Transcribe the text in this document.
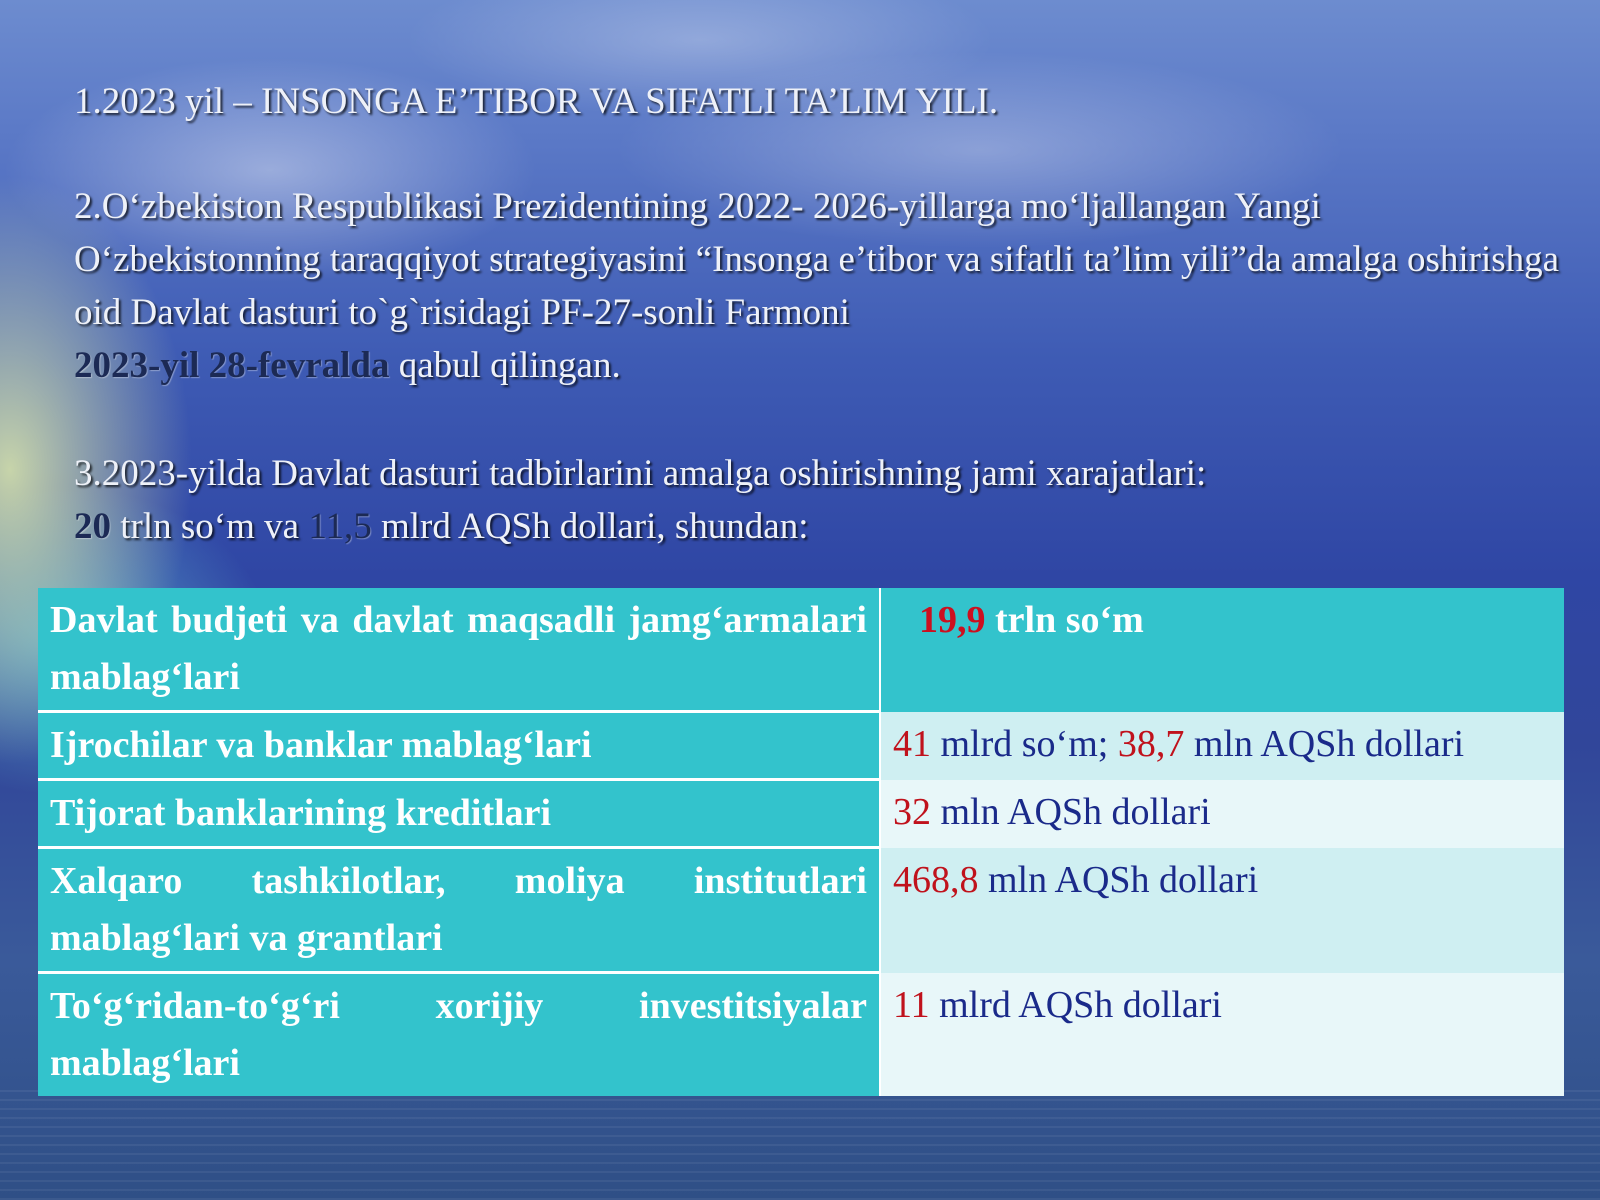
1.2023 yil – INSONGA E’TIBOR VA SIFATLI TA’LIM YILI.
2.O‘zbekiston Respublikasi Prezidentining 2022- 2026-yillarga mo‘ljallangan Yangi O‘zbekistonning taraqqiyot strategiyasini “Insonga e’tibor va sifatli ta’lim yili”da amalga oshirishga oid Davlat dasturi to`g`risidagi PF-27-sonli Farmoni
2023-yil 28-fevralda qabul qilingan.
3.2023-yilda Davlat dasturi tadbirlarini amalga oshirishning jami xarajatlari:
20 trln so‘m va 11,5 mlrd AQSh dollari, shundan:
Davlat budjeti va davlat maqsadli jamg‘armalari mablag‘lari	19,9 trln so‘m
Ijrochilar va banklar mablag‘lari	41 mlrd so‘m; 38,7 mln AQSh dollari
Tijorat banklarining kreditlari	32 mln AQSh dollari
Xalqaro tashkilotlar, moliya institutlari mablag‘lari va grantlari	468,8 mln AQSh dollari
To‘g‘ridan-to‘g‘ri xorijiy investitsiyalar mablag‘lari	11 mlrd AQSh dollari
